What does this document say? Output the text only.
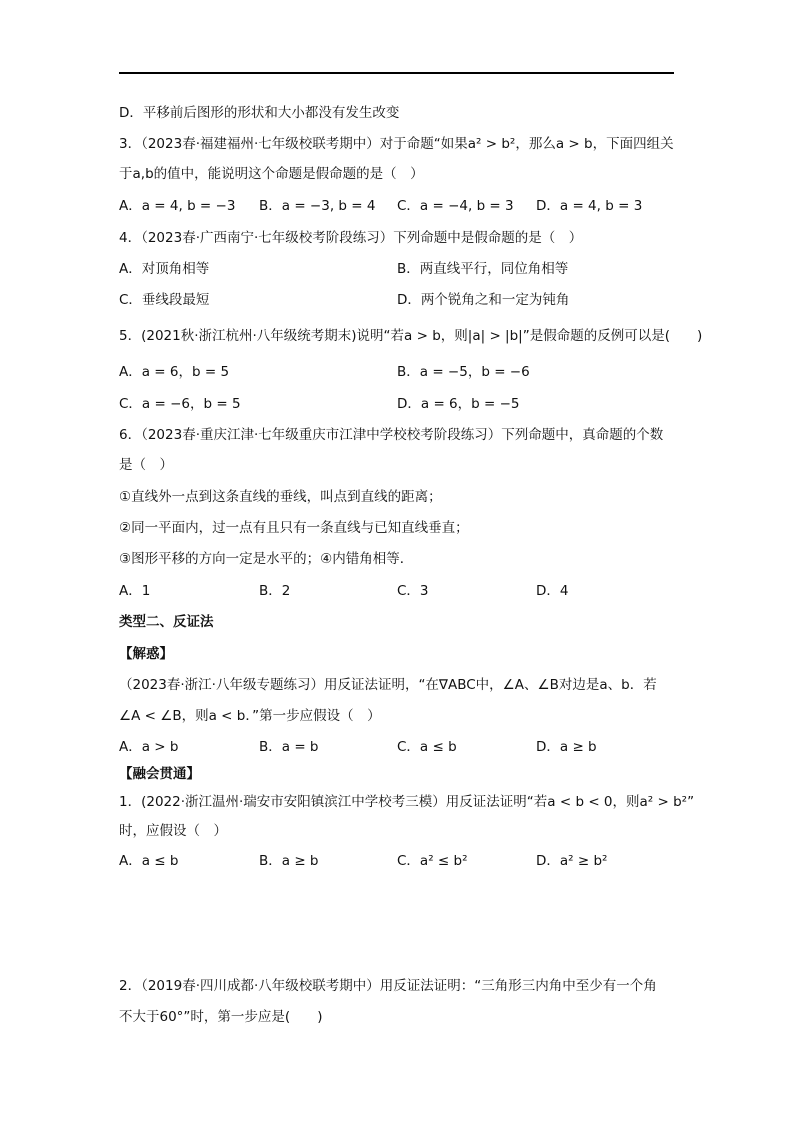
D．平移前后图形的形状和大小都没有发生改变
3．（2023春·福建福州·七年级校联考期中）对于命题“如果a² > b²，那么a > b，下面四组关
于a,b的值中，能说明这个命题是假命题的是（　）
A．a = 4, b = −3 B．a = −3, b = 4 C．a = −4, b = 3 D．a = 4, b = 3
4．（2023春·广西南宁·七年级校考阶段练习）下列命题中是假命题的是（　）
A．对顶角相等	B．两直线平行，同位角相等
C．垂线段最短	D．两个锐角之和一定为钝角
5．(2021秋·浙江杭州·八年级统考期末)说明“若a > b，则|a| > |b|”是假命题的反例可以是(　　)
A．a = 6，b = 5	B．a = −5，b = −6
C．a = −6，b = 5	D．a = 6，b = −5
6．（2023春·重庆江津·七年级重庆市江津中学校校考阶段练习）下列命题中，真命题的个数
是（　）
①直线外一点到这条直线的垂线，叫点到直线的距离；
②同一平面内，过一点有且只有一条直线与已知直线垂直；
③图形平移的方向一定是水平的；④内错角相等．
A．1	B．2	C．3	D．4
类型二、反证法
【解惑】
（2023春·浙江·八年级专题练习）用反证法证明，“在∇ABC中，∠A、∠B对边是a、b．若
∠A < ∠B，则a < b．”第一步应假设（　）
A．a > b	B．a = b	C．a ≤ b	D．a ≥ b
【融会贯通】
1．(2022·浙江温州·瑞安市安阳镇滨江中学校考三模）用反证法证明“若a < b < 0，则a² > b²”
时，应假设（　）
A．a ≤ b	B．a ≥ b	C．a² ≤ b²	D．a² ≥ b²
2．（2019春·四川成都·八年级校联考期中）用反证法证明：“三角形三内角中至少有一个角
不大于60°”时，第一步应是(　　)
